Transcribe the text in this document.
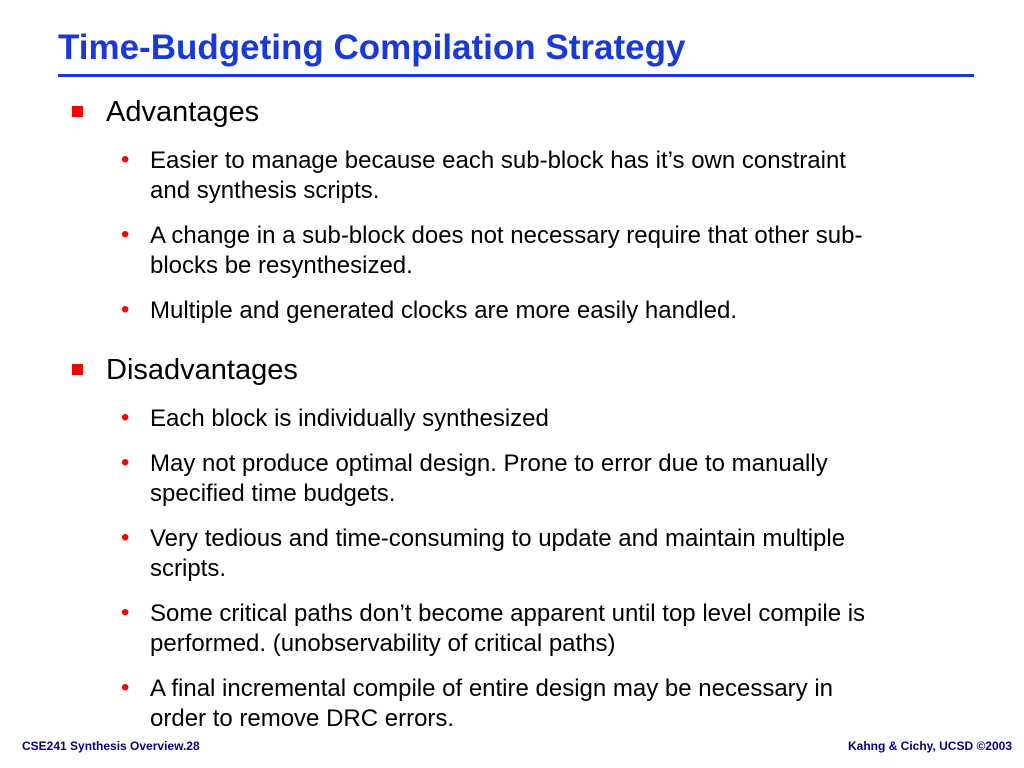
Time-Budgeting Compilation Strategy
Advantages
• Easier to manage because each sub-block has it’s own constraint and synthesis scripts.
• A change in a sub-block does not necessary require that other sub-blocks be resynthesized.
• Multiple and generated clocks are more easily handled.
Disadvantages
• Each block is individually synthesized
• May not produce optimal design. Prone to error due to manually specified time budgets.
• Very tedious and time-consuming to update and maintain multiple scripts.
• Some critical paths don’t become apparent until top level compile is performed. (unobservability of critical paths)
• A final incremental compile of entire design may be necessary in order to remove DRC errors.
CSE241 Synthesis Overview.28	Kahng & Cichy, UCSD ©2003
